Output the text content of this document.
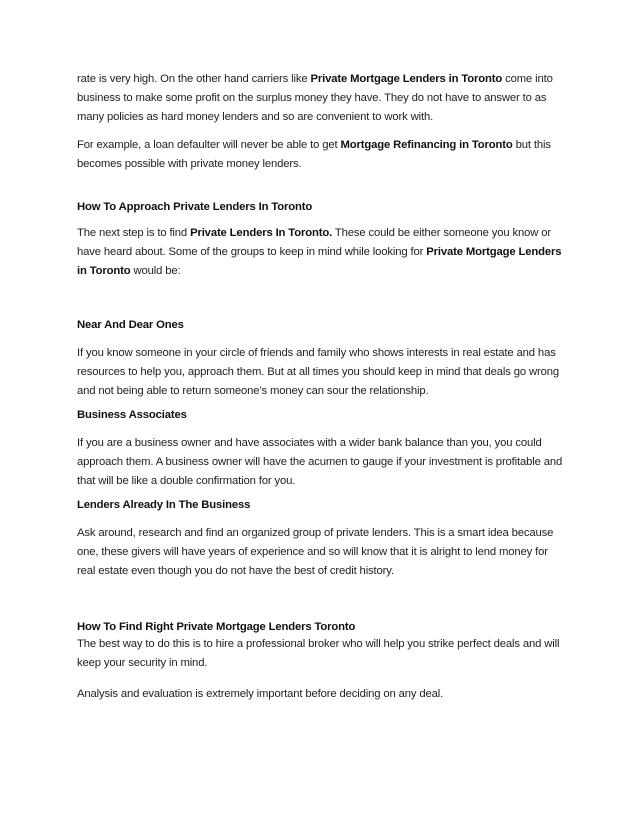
rate is very high. On the other hand carriers like Private Mortgage Lenders in Toronto come into business to make some profit on the surplus money they have. They do not have to answer to as many policies as hard money lenders and so are convenient to work with.

For example, a loan defaulter will never be able to get Mortgage Refinancing in Toronto but this becomes possible with private money lenders.

How To Approach Private Lenders In Toronto

The next step is to find Private Lenders In Toronto. These could be either someone you know or have heard about. Some of the groups to keep in mind while looking for Private Mortgage Lenders in Toronto would be:

Near And Dear Ones

If you know someone in your circle of friends and family who shows interests in real estate and has resources to help you, approach them. But at all times you should keep in mind that deals go wrong and not being able to return someone’s money can sour the relationship.

Business Associates

If you are a business owner and have associates with a wider bank balance than you, you could approach them. A business owner will have the acumen to gauge if your investment is profitable and that will be like a double confirmation for you.

Lenders Already In The Business

Ask around, research and find an organized group of private lenders. This is a smart idea because one, these givers will have years of experience and so will know that it is alright to lend money for real estate even though you do not have the best of credit history.

How To Find Right Private Mortgage Lenders Toronto

The best way to do this is to hire a professional broker who will help you strike perfect deals and will keep your security in mind.

Analysis and evaluation is extremely important before deciding on any deal.
